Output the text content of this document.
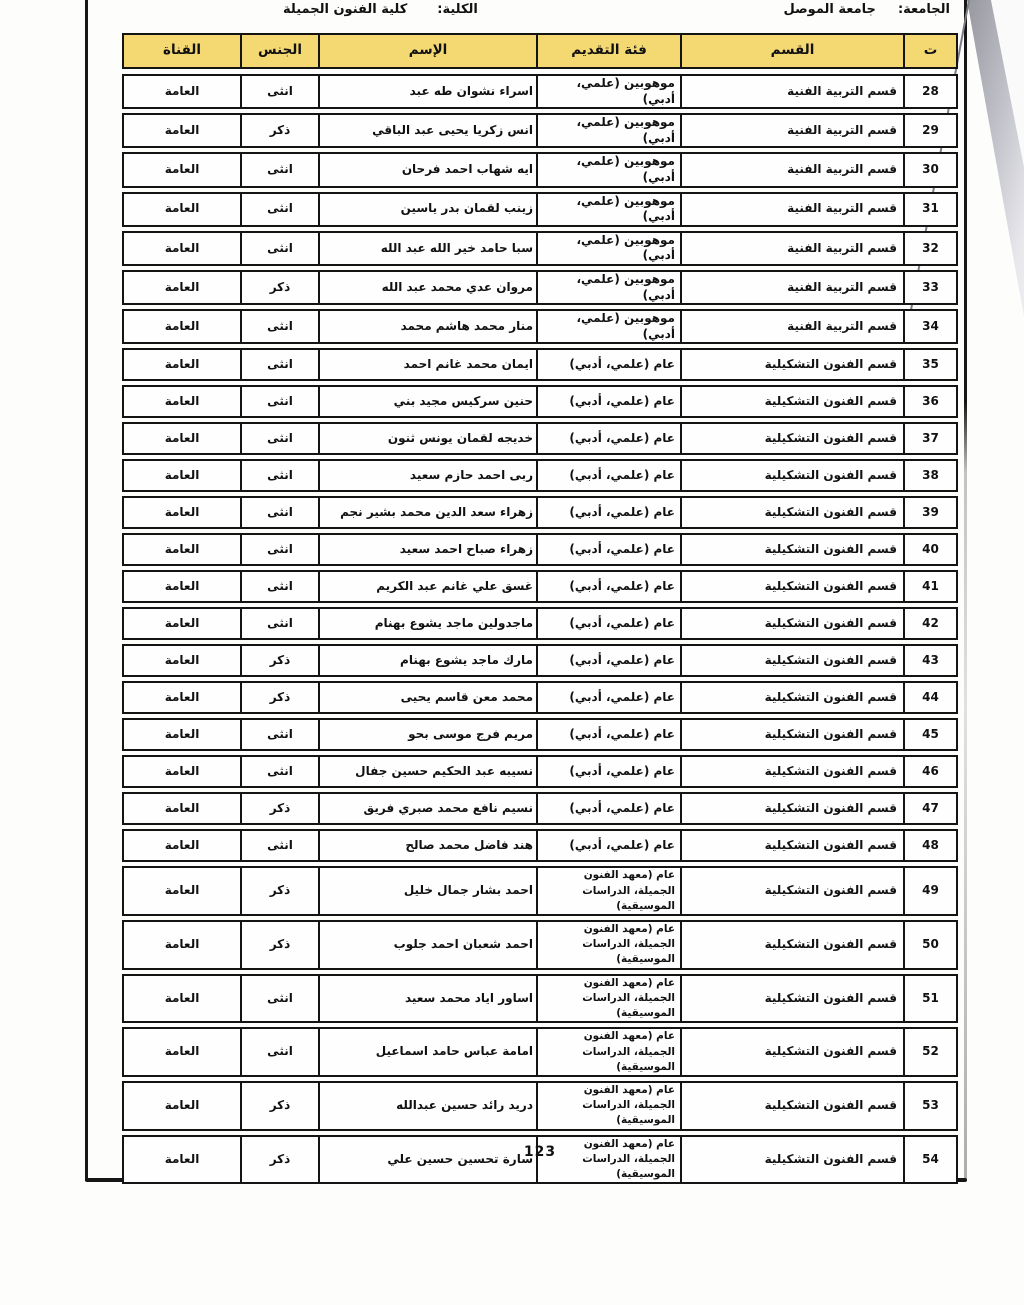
الجامعة:جامعة الموصل
الكلية:كلية الفنون الجميلة
ت
القسم
فئة التقديم
الإسم
الجنس
القناة
28
قسم التربية الفنية
موهوبين (علمي، أدبي)
اسراء نشوان طه عبد
انثى
العامة
29
قسم التربية الفنية
موهوبين (علمي، أدبي)
انس زكريا يحيى عبد الباقي
ذكر
العامة
30
قسم التربية الفنية
موهوبين (علمي، أدبي)
ايه شهاب احمد فرحان
انثى
العامة
31
قسم التربية الفنية
موهوبين (علمي، أدبي)
زينب لقمان بدر ياسين
انثى
العامة
32
قسم التربية الفنية
موهوبين (علمي، أدبي)
سبا حامد خير الله عبد الله
انثى
العامة
33
قسم التربية الفنية
موهوبين (علمي، أدبي)
مروان عدي محمد عبد الله
ذكر
العامة
34
قسم التربية الفنية
موهوبين (علمي، أدبي)
منار محمد هاشم محمد
انثى
العامة
35
قسم الفنون التشكيلية
عام (علمي، أدبي)
ايمان محمد غانم احمد
انثى
العامة
36
قسم الفنون التشكيلية
عام (علمي، أدبي)
حنين سركيس مجيد بني
انثى
العامة
37
قسم الفنون التشكيلية
عام (علمي، أدبي)
خديجه لقمان يونس ثنون
انثى
العامة
38
قسم الفنون التشكيلية
عام (علمي، أدبي)
ربى احمد حازم سعيد
انثى
العامة
39
قسم الفنون التشكيلية
عام (علمي، أدبي)
زهراء سعد الدين محمد بشير نجم
انثى
العامة
40
قسم الفنون التشكيلية
عام (علمي، أدبي)
زهراء صباح احمد سعيد
انثى
العامة
41
قسم الفنون التشكيلية
عام (علمي، أدبي)
غسق علي غانم عبد الكريم
انثى
العامة
42
قسم الفنون التشكيلية
عام (علمي، أدبي)
ماجدولين ماجد يشوع بهنام
انثى
العامة
43
قسم الفنون التشكيلية
عام (علمي، أدبي)
مارك ماجد يشوع بهنام
ذكر
العامة
44
قسم الفنون التشكيلية
عام (علمي، أدبي)
محمد معن قاسم يحيى
ذكر
العامة
45
قسم الفنون التشكيلية
عام (علمي، أدبي)
مريم فرج موسى بحو
انثى
العامة
46
قسم الفنون التشكيلية
عام (علمي، أدبي)
نسيبه عبد الحكيم حسين جفال
انثى
العامة
47
قسم الفنون التشكيلية
عام (علمي، أدبي)
نسيم نافع محمد صبري فريق
ذكر
العامة
48
قسم الفنون التشكيلية
عام (علمي، أدبي)
هند فاضل محمد صالح
انثى
العامة
49
قسم الفنون التشكيلية
عام (معهد الفنون الجميلة، الدراسات الموسيقية)
احمد بشار جمال خليل
ذكر
العامة
50
قسم الفنون التشكيلية
عام (معهد الفنون الجميلة، الدراسات الموسيقية)
احمد شعبان احمد جلوب
ذكر
العامة
51
قسم الفنون التشكيلية
عام (معهد الفنون الجميلة، الدراسات الموسيقية)
اساور اياد محمد سعيد
انثى
العامة
52
قسم الفنون التشكيلية
عام (معهد الفنون الجميلة، الدراسات الموسيقية)
امامة عباس حامد اسماعيل
انثى
العامة
53
قسم الفنون التشكيلية
عام (معهد الفنون الجميلة، الدراسات الموسيقية)
دريد رائد حسين عبدالله
ذكر
العامة
54
قسم الفنون التشكيلية
عام (معهد الفنون الجميلة، الدراسات الموسيقية)
سارة تحسين حسين علي
ذكر
العامة	123
